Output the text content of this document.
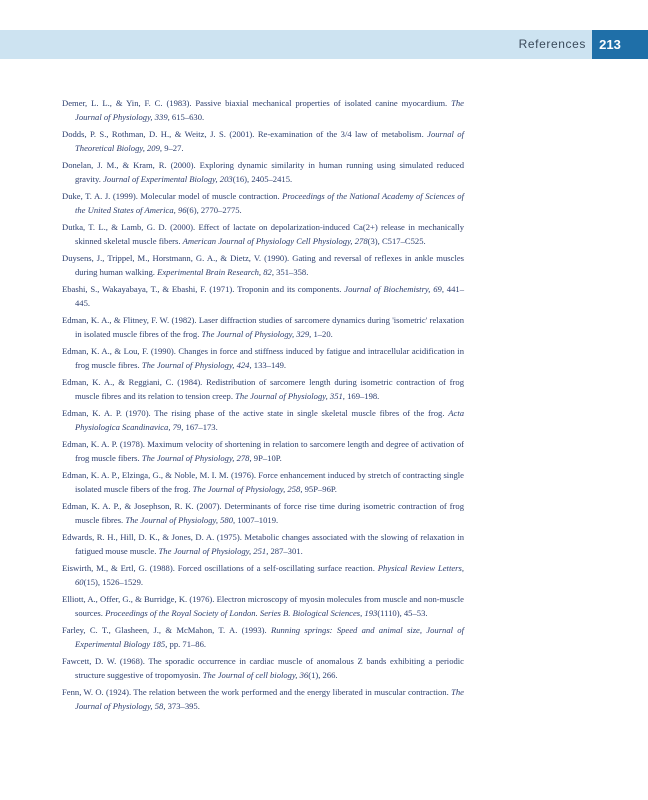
References	213
Demer, L. L., & Yin, F. C. (1983). Passive biaxial mechanical properties of isolated canine myocardium. The Journal of Physiology, 339, 615–630.
Dodds, P. S., Rothman, D. H., & Weitz, J. S. (2001). Re-examination of the 3/4 law of metabolism. Journal of Theoretical Biology, 209, 9–27.
Donelan, J. M., & Kram, R. (2000). Exploring dynamic similarity in human running using simulated reduced gravity. Journal of Experimental Biology, 203(16), 2405–2415.
Duke, T. A. J. (1999). Molecular model of muscle contraction. Proceedings of the National Academy of Sciences of the United States of America, 96(6), 2770–2775.
Dutka, T. L., & Lamb, G. D. (2000). Effect of lactate on depolarization-induced Ca(2+) release in mechanically skinned skeletal muscle fibers. American Journal of Physiology Cell Physiology, 278(3), C517–C525.
Duysens, J., Trippel, M., Horstmann, G. A., & Dietz, V. (1990). Gating and reversal of reflexes in ankle muscles during human walking. Experimental Brain Research, 82, 351–358.
Ebashi, S., Wakayabaya, T., & Ebashi, F. (1971). Troponin and its components. Journal of Biochemistry, 69, 441–445.
Edman, K. A., & Flitney, F. W. (1982). Laser diffraction studies of sarcomere dynamics during 'isometric' relaxation in isolated muscle fibres of the frog. The Journal of Physiology, 329, 1–20.
Edman, K. A., & Lou, F. (1990). Changes in force and stiffness induced by fatigue and intracellular acidification in frog muscle fibres. The Journal of Physiology, 424, 133–149.
Edman, K. A., & Reggiani, C. (1984). Redistribution of sarcomere length during isometric contraction of frog muscle fibres and its relation to tension creep. The Journal of Physiology, 351, 169–198.
Edman, K. A. P. (1970). The rising phase of the active state in single skeletal muscle fibres of the frog. Acta Physiologica Scandinavica, 79, 167–173.
Edman, K. A. P. (1978). Maximum velocity of shortening in relation to sarcomere length and degree of activation of frog muscle fibers. The Journal of Physiology, 278, 9P–10P.
Edman, K. A. P., Elzinga, G., & Noble, M. I. M. (1976). Force enhancement induced by stretch of contracting single isolated muscle fibers of the frog. The Journal of Physiology, 258, 95P–96P.
Edman, K. A. P., & Josephson, R. K. (2007). Determinants of force rise time during isometric contraction of frog muscle fibres. The Journal of Physiology, 580, 1007–1019.
Edwards, R. H., Hill, D. K., & Jones, D. A. (1975). Metabolic changes associated with the slowing of relaxation in fatigued mouse muscle. The Journal of Physiology, 251, 287–301.
Eiswirth, M., & Ertl, G. (1988). Forced oscillations of a self-oscillating surface reaction. Physical Review Letters, 60(15), 1526–1529.
Elliott, A., Offer, G., & Burridge, K. (1976). Electron microscopy of myosin molecules from muscle and non-muscle sources. Proceedings of the Royal Society of London. Series B. Biological Sciences, 193(1110), 45–53.
Farley, C. T., Glasheen, J., & McMahon, T. A. (1993). Running springs: Speed and animal size, Journal of Experimental Biology 185, pp. 71–86.
Fawcett, D. W. (1968). The sporadic occurrence in cardiac muscle of anomalous Z bands exhibiting a periodic structure suggestive of tropomyosin. The Journal of cell biology, 36(1), 266.
Fenn, W. O. (1924). The relation between the work performed and the energy liberated in muscular contraction. The Journal of Physiology, 58, 373–395.
